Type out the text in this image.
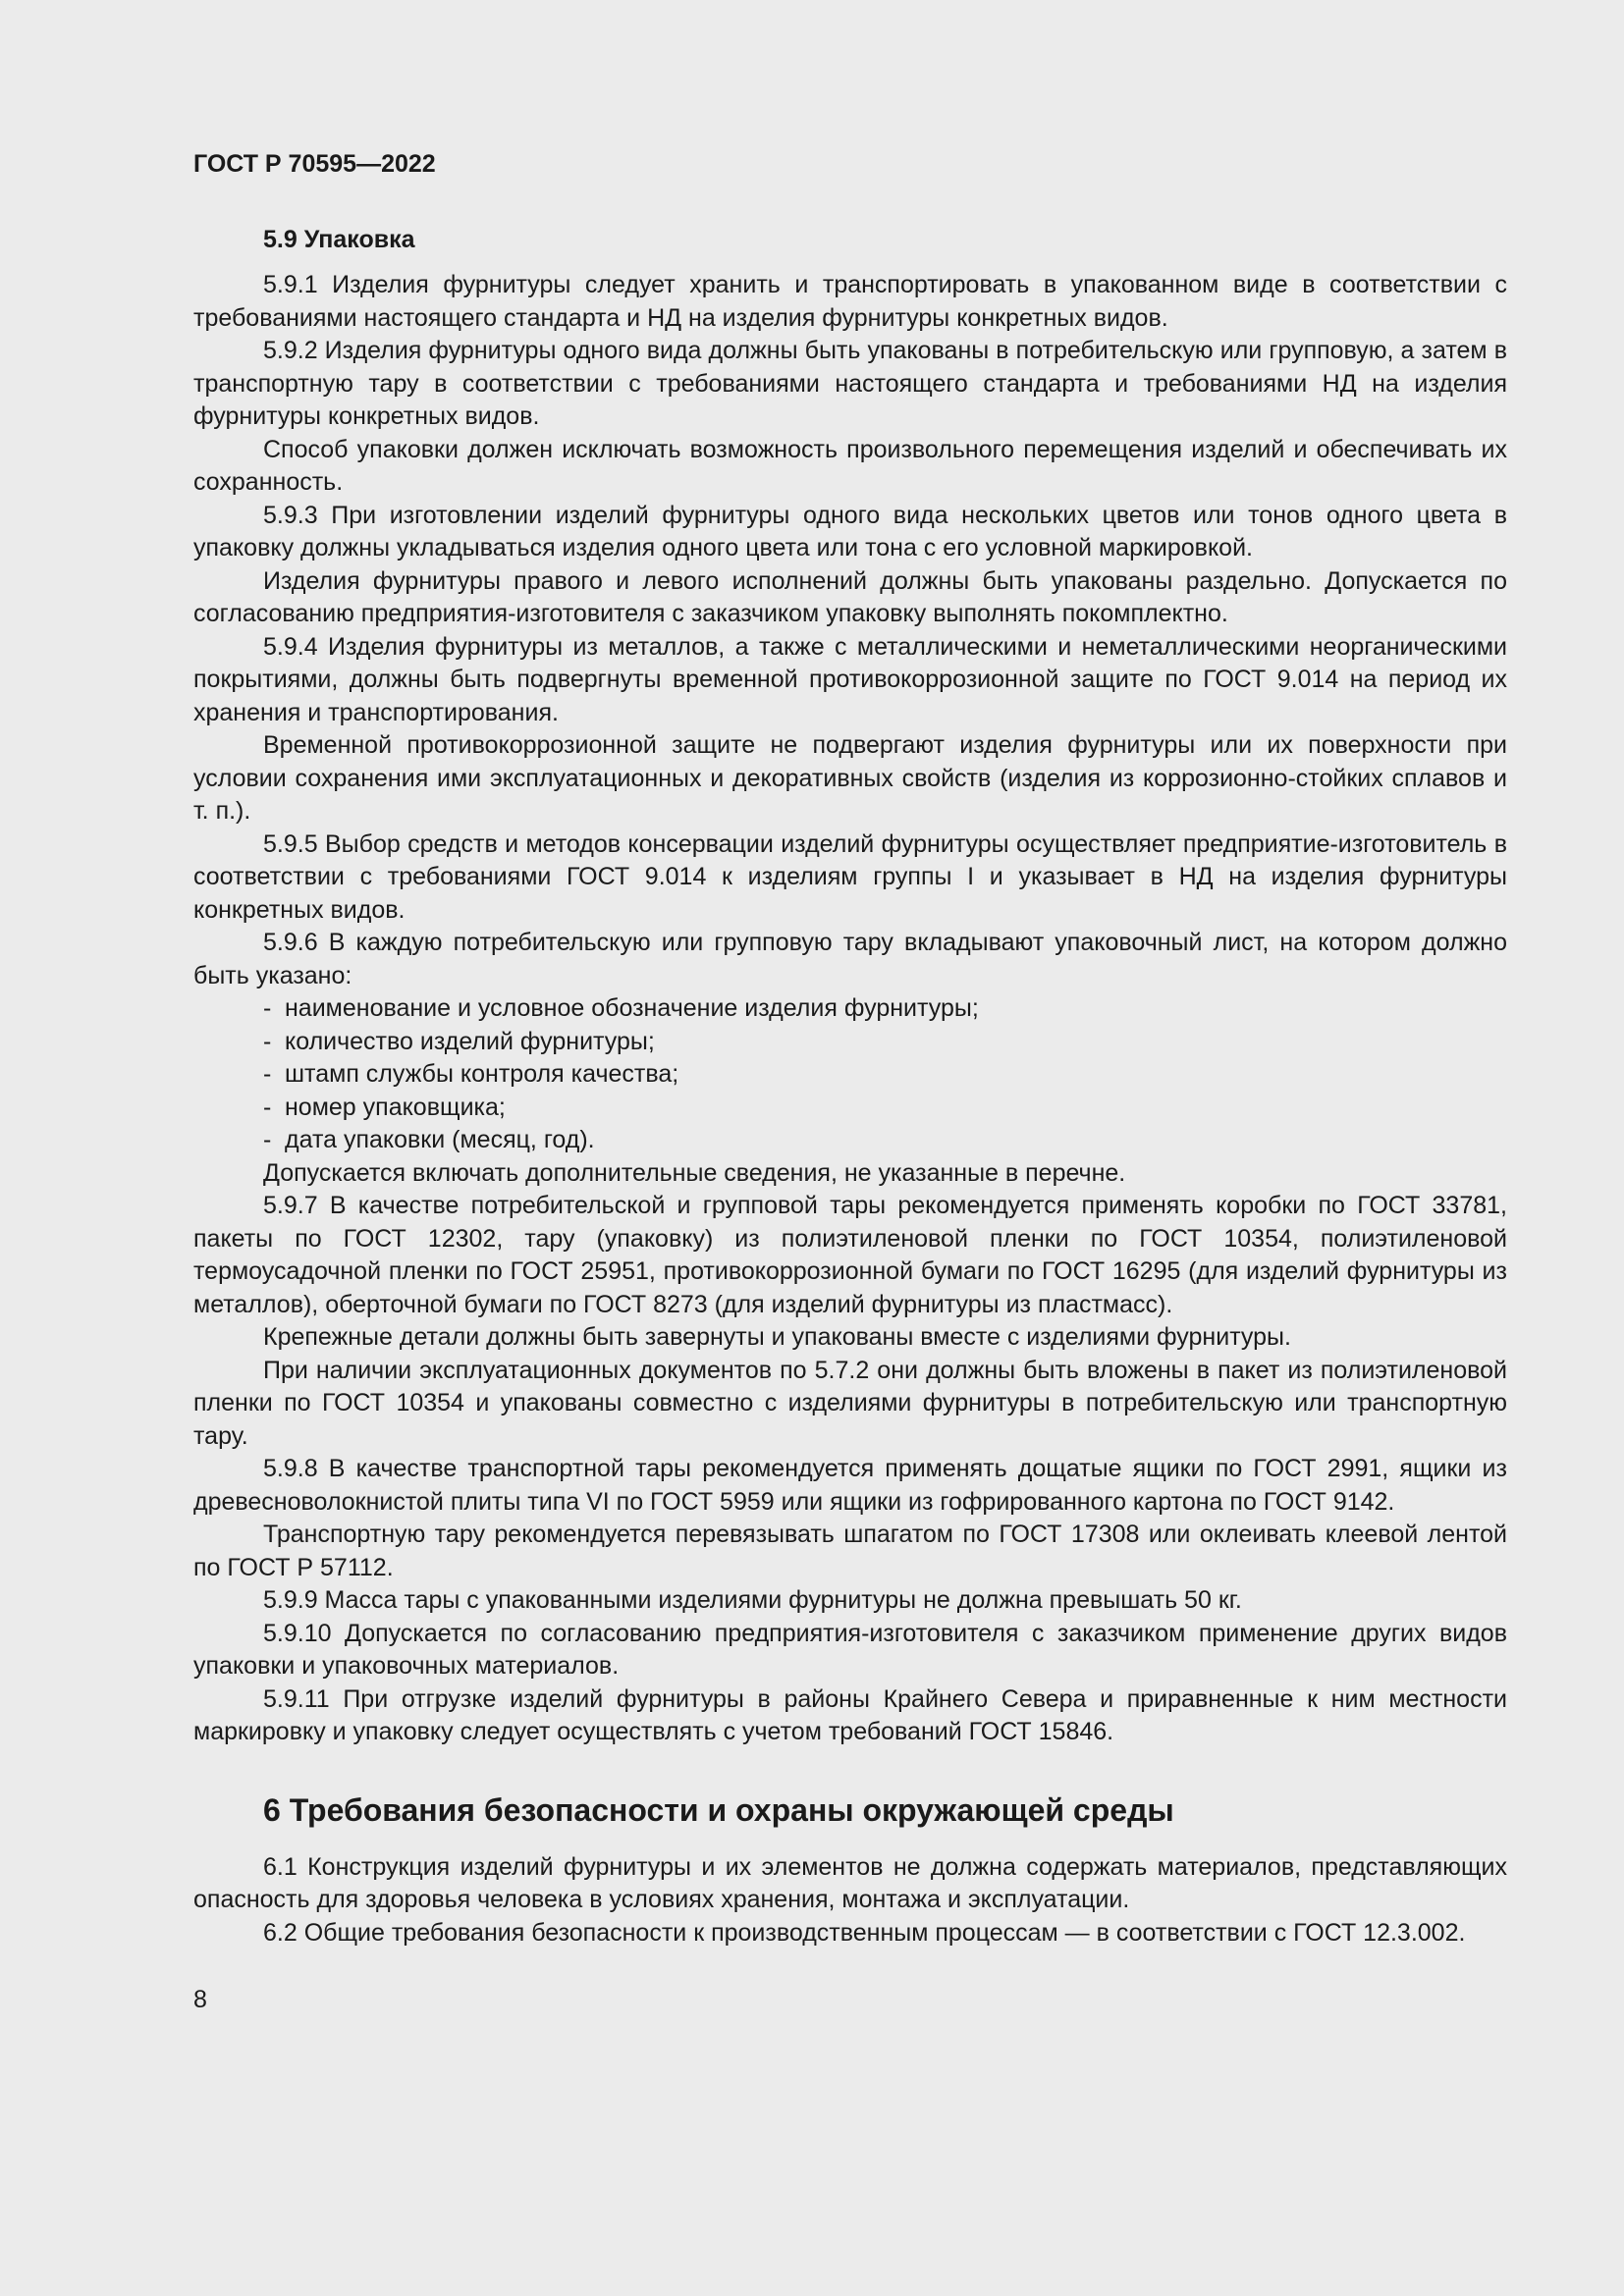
ГОСТ Р 70595—2022
5.9 Упаковка

5.9.1 Изделия фурнитуры следует хранить и транспортировать в упакованном виде в соответствии с требованиями настоящего стандарта и НД на изделия фурнитуры конкретных видов.

5.9.2 Изделия фурнитуры одного вида должны быть упакованы в потребительскую или групповую, а затем в транспортную тару в соответствии с требованиями настоящего стандарта и требованиями НД на изделия фурнитуры конкретных видов.

Способ упаковки должен исключать возможность произвольного перемещения изделий и обеспечивать их сохранность.

5.9.3 При изготовлении изделий фурнитуры одного вида нескольких цветов или тонов одного цвета в упаковку должны укладываться изделия одного цвета или тона с его условной маркировкой.

Изделия фурнитуры правого и левого исполнений должны быть упакованы раздельно. Допускается по согласованию предприятия-изготовителя с заказчиком упаковку выполнять покомплектно.

5.9.4 Изделия фурнитуры из металлов, а также с металлическими и неметаллическими неорганическими покрытиями, должны быть подвергнуты временной противокоррозионной защите по ГОСТ 9.014 на период их хранения и транспортирования.

Временной противокоррозионной защите не подвергают изделия фурнитуры или их поверхности при условии сохранения ими эксплуатационных и декоративных свойств (изделия из коррозионно-стойких сплавов и т. п.).

5.9.5 Выбор средств и методов консервации изделий фурнитуры осуществляет предприятие-изготовитель в соответствии с требованиями ГОСТ 9.014 к изделиям группы I и указывает в НД на изделия фурнитуры конкретных видов.

5.9.6 В каждую потребительскую или групповую тару вкладывают упаковочный лист, на котором должно быть указано:

- наименование и условное обозначение изделия фурнитуры;

- количество изделий фурнитуры;

- штамп службы контроля качества;

- номер упаковщика;

- дата упаковки (месяц, год).

Допускается включать дополнительные сведения, не указанные в перечне.

5.9.7 В качестве потребительской и групповой тары рекомендуется применять коробки по ГОСТ 33781, пакеты по ГОСТ 12302, тару (упаковку) из полиэтиленовой пленки по ГОСТ 10354, полиэтиленовой термоусадочной пленки по ГОСТ 25951, противокоррозионной бумаги по ГОСТ 16295 (для изделий фурнитуры из металлов), оберточной бумаги по ГОСТ 8273 (для изделий фурнитуры из пластмасс).

Крепежные детали должны быть завернуты и упакованы вместе с изделиями фурнитуры.

При наличии эксплуатационных документов по 5.7.2 они должны быть вложены в пакет из полиэтиленовой пленки по ГОСТ 10354 и упакованы совместно с изделиями фурнитуры в потребительскую или транспортную тару.

5.9.8 В качестве транспортной тары рекомендуется применять дощатые ящики по ГОСТ 2991, ящики из древесноволокнистой плиты типа VI по ГОСТ 5959 или ящики из гофрированного картона по ГОСТ 9142.

Транспортную тару рекомендуется перевязывать шпагатом по ГОСТ 17308 или оклеивать клеевой лентой по ГОСТ Р 57112.

5.9.9 Масса тары с упакованными изделиями фурнитуры не должна превышать 50 кг.

5.9.10 Допускается по согласованию предприятия-изготовителя с заказчиком применение других видов упаковки и упаковочных материалов.

5.9.11 При отгрузке изделий фурнитуры в районы Крайнего Севера и приравненные к ним местности маркировку и упаковку следует осуществлять с учетом требований ГОСТ 15846.

6 Требования безопасности и охраны окружающей среды

6.1 Конструкция изделий фурнитуры и их элементов не должна содержать материалов, представляющих опасность для здоровья человека в условиях хранения, монтажа и эксплуатации.

6.2 Общие требования безопасности к производственным процессам — в соответствии с ГОСТ 12.3.002.

8
